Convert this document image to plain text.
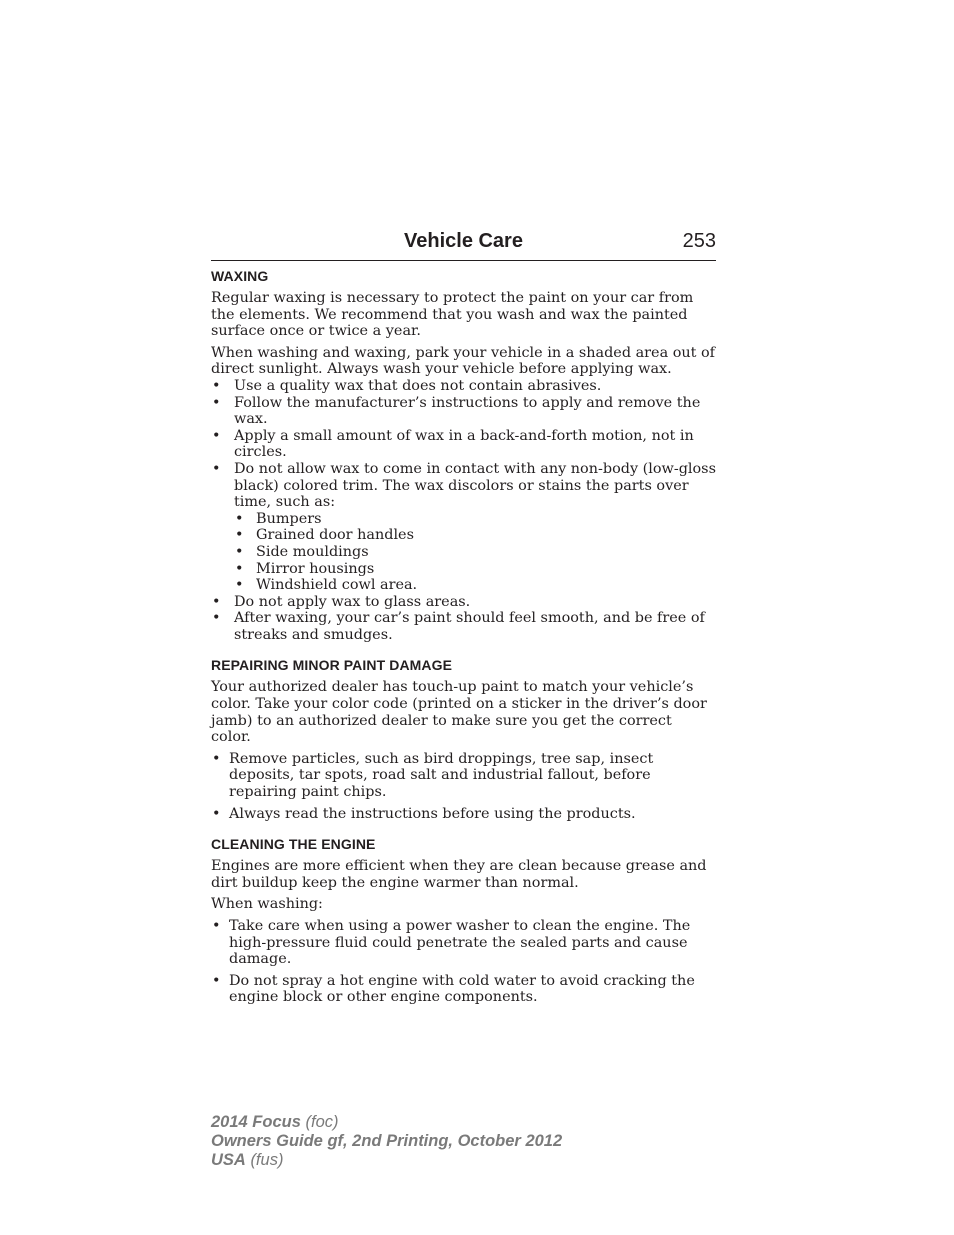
Vehicle Care	253
WAXING

Regular waxing is necessary to protect the paint on your car from the elements. We recommend that you wash and wax the painted surface once or twice a year.

When washing and waxing, park your vehicle in a shaded area out of direct sunlight. Always wash your vehicle before applying wax.

• Use a quality wax that does not contain abrasives.
• Follow the manufacturer’s instructions to apply and remove the wax.
• Apply a small amount of wax in a back-and-forth motion, not in circles.
• Do not allow wax to come in contact with any non-body (low-gloss black) colored trim. The wax discolors or stains the parts over time, such as:
• Bumpers
• Grained door handles
• Side mouldings
• Mirror housings
• Windshield cowl area.
• Do not apply wax to glass areas.
• After waxing, your car’s paint should feel smooth, and be free of streaks and smudges.
REPAIRING MINOR PAINT DAMAGE

Your authorized dealer has touch-up paint to match your vehicle’s color. Take your color code (printed on a sticker in the driver’s door jamb) to an authorized dealer to make sure you get the correct color.

• Remove particles, such as bird droppings, tree sap, insect deposits, tar spots, road salt and industrial fallout, before repairing paint chips.
• Always read the instructions before using the products.
CLEANING THE ENGINE

Engines are more efficient when they are clean because grease and dirt buildup keep the engine warmer than normal.

When washing:

• Take care when using a power washer to clean the engine. The high-pressure fluid could penetrate the sealed parts and cause damage.
• Do not spray a hot engine with cold water to avoid cracking the engine block or other engine components.
2014 Focus (foc)
Owners Guide gf, 2nd Printing, October 2012
USA (fus)
